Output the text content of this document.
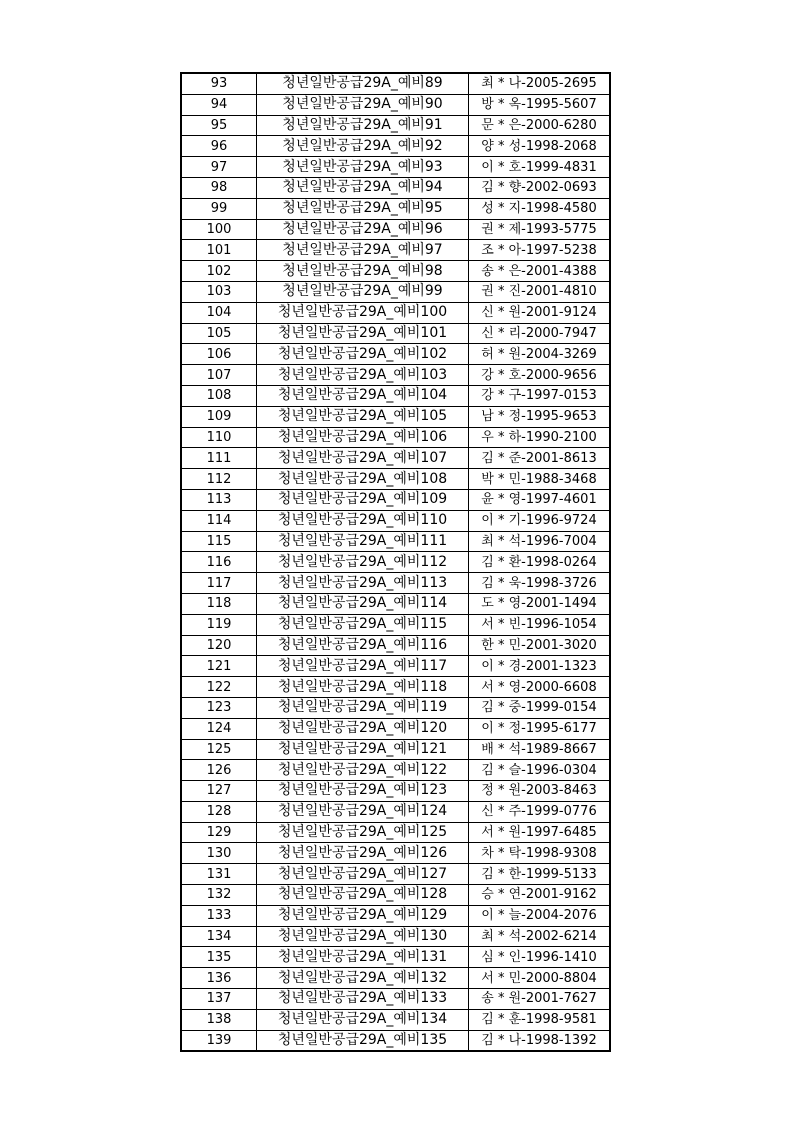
93	청년일반공급29A_예비89	최 * 나-2005-2695
94	청년일반공급29A_예비90	방 * 옥-1995-5607
95	청년일반공급29A_예비91	문 * 은-2000-6280
96	청년일반공급29A_예비92	양 * 성-1998-2068
97	청년일반공급29A_예비93	이 * 호-1999-4831
98	청년일반공급29A_예비94	김 * 향-2002-0693
99	청년일반공급29A_예비95	성 * 지-1998-4580
100	청년일반공급29A_예비96	권 * 제-1993-5775
101	청년일반공급29A_예비97	조 * 아-1997-5238
102	청년일반공급29A_예비98	송 * 은-2001-4388
103	청년일반공급29A_예비99	권 * 진-2001-4810
104	청년일반공급29A_예비100	신 * 원-2001-9124
105	청년일반공급29A_예비101	신 * 리-2000-7947
106	청년일반공급29A_예비102	허 * 원-2004-3269
107	청년일반공급29A_예비103	강 * 호-2000-9656
108	청년일반공급29A_예비104	강 * 구-1997-0153
109	청년일반공급29A_예비105	남 * 정-1995-9653
110	청년일반공급29A_예비106	우 * 하-1990-2100
111	청년일반공급29A_예비107	김 * 준-2001-8613
112	청년일반공급29A_예비108	박 * 민-1988-3468
113	청년일반공급29A_예비109	윤 * 영-1997-4601
114	청년일반공급29A_예비110	이 * 기-1996-9724
115	청년일반공급29A_예비111	최 * 석-1996-7004
116	청년일반공급29A_예비112	김 * 환-1998-0264
117	청년일반공급29A_예비113	김 * 욱-1998-3726
118	청년일반공급29A_예비114	도 * 영-2001-1494
119	청년일반공급29A_예비115	서 * 빈-1996-1054
120	청년일반공급29A_예비116	한 * 민-2001-3020
121	청년일반공급29A_예비117	이 * 경-2001-1323
122	청년일반공급29A_예비118	서 * 영-2000-6608
123	청년일반공급29A_예비119	김 * 중-1999-0154
124	청년일반공급29A_예비120	이 * 정-1995-6177
125	청년일반공급29A_예비121	배 * 석-1989-8667
126	청년일반공급29A_예비122	김 * 슬-1996-0304
127	청년일반공급29A_예비123	정 * 원-2003-8463
128	청년일반공급29A_예비124	신 * 주-1999-0776
129	청년일반공급29A_예비125	서 * 원-1997-6485
130	청년일반공급29A_예비126	차 * 탁-1998-9308
131	청년일반공급29A_예비127	김 * 한-1999-5133
132	청년일반공급29A_예비128	승 * 연-2001-9162
133	청년일반공급29A_예비129	이 * 늘-2004-2076
134	청년일반공급29A_예비130	최 * 석-2002-6214
135	청년일반공급29A_예비131	심 * 인-1996-1410
136	청년일반공급29A_예비132	서 * 민-2000-8804
137	청년일반공급29A_예비133	송 * 원-2001-7627
138	청년일반공급29A_예비134	김 * 훈-1998-9581
139	청년일반공급29A_예비135	김 * 나-1998-1392
